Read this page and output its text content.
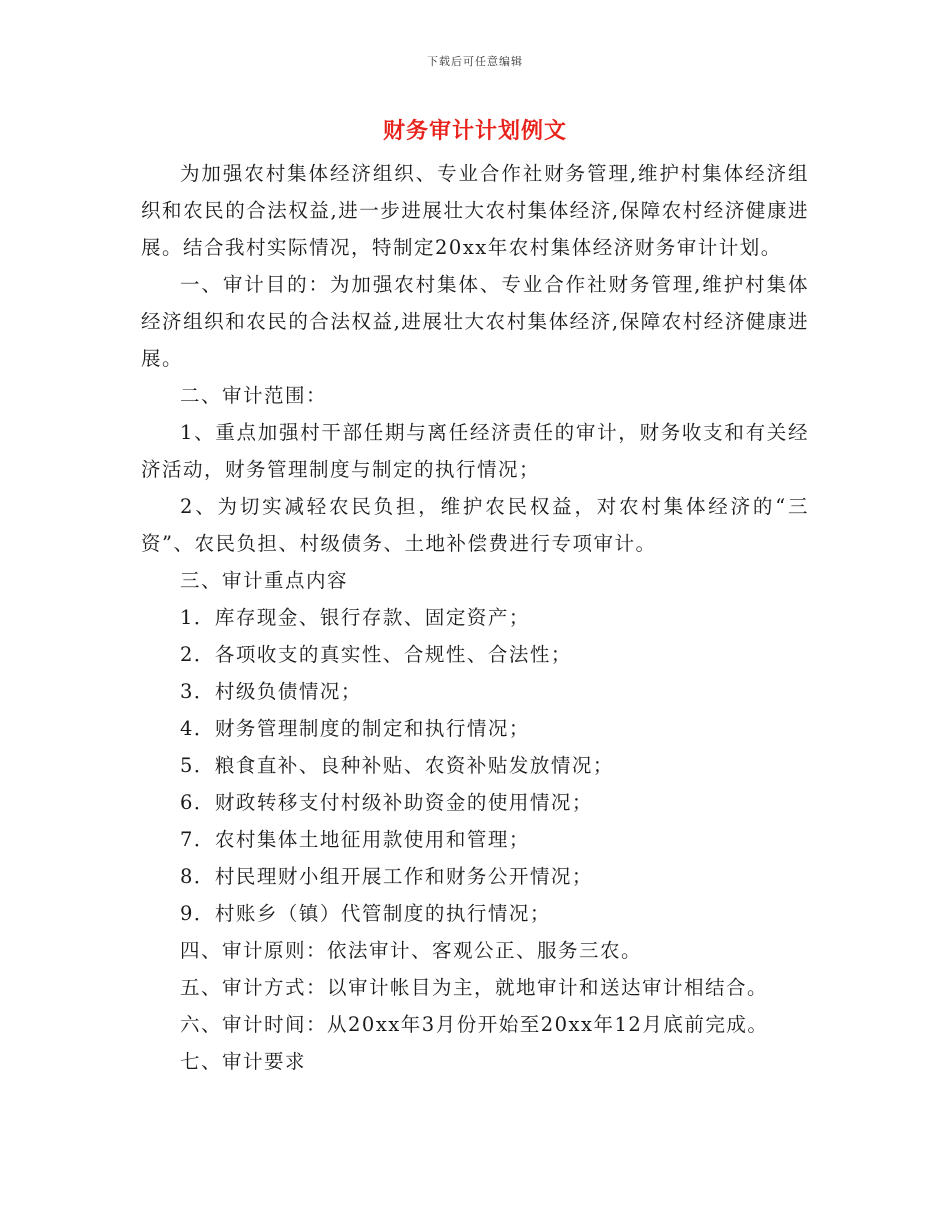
下载后可任意编辑
财务审计计划例文

为加强农村集体经济组织、专业合作社财务管理,维护村集体经济组织和农民的合法权益,进一步进展壮大农村集体经济,保障农村经济健康进展。结合我村实际情况，特制定20xx年农村集体经济财务审计计划。

一、审计目的：为加强农村集体、专业合作社财务管理,维护村集体经济组织和农民的合法权益,进展壮大农村集体经济,保障农村经济健康进展。

二、审计范围：

1、重点加强村干部任期与离任经济责任的审计，财务收支和有关经济活动，财务管理制度与制定的执行情况；

2、为切实减轻农民负担，维护农民权益，对农村集体经济的“三资”、农民负担、村级债务、土地补偿费进行专项审计。

三、审计重点内容

1．库存现金、银行存款、固定资产；

2．各项收支的真实性、合规性、合法性；

3．村级负债情况；

4．财务管理制度的制定和执行情况；

5．粮食直补、良种补贴、农资补贴发放情况；

6．财政转移支付村级补助资金的使用情况；

7．农村集体土地征用款使用和管理；

8．村民理财小组开展工作和财务公开情况；

9．村账乡（镇）代管制度的执行情况；

四、审计原则：依法审计、客观公正、服务三农。

五、审计方式：以审计帐目为主，就地审计和送达审计相结合。

六、审计时间：从20xx年3月份开始至20xx年12月底前完成。

七、审计要求
